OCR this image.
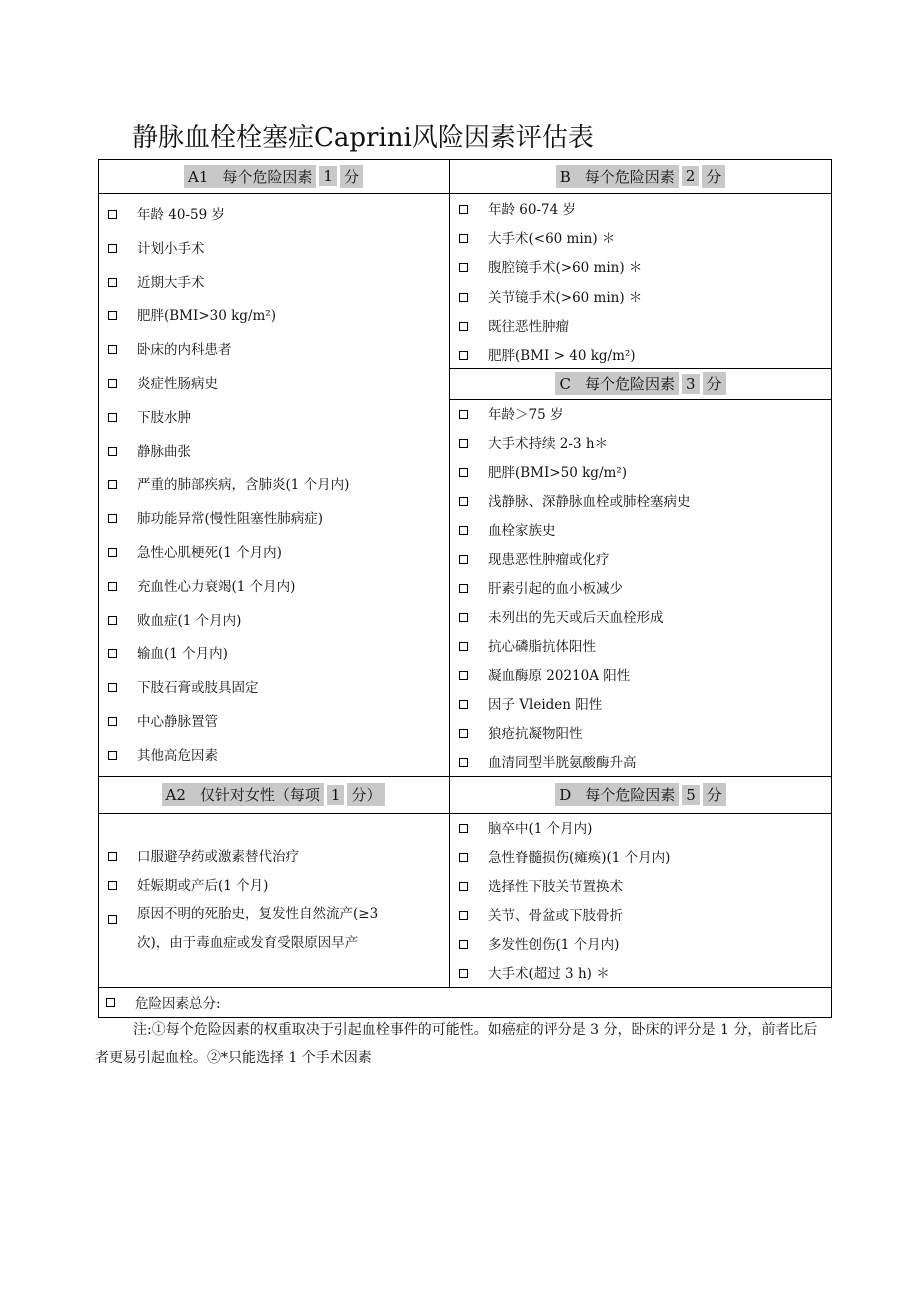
静脉血栓栓塞症Caprini风险因素评估表
A1 每个危险因素 1 分	B 每个危险因素 2 分
C 每个危险因素 3 分
A2 仅针对女性（每项 1 分）	D 每个危险因素 5 分
年龄 40-59 岁
计划小手术
近期大手术
肥胖(BMI>30 kg/m²)
卧床的内科患者
炎症性肠病史
下肢水肿
静脉曲张
严重的肺部疾病，含肺炎(1 个月内)
肺功能异常(慢性阻塞性肺病症)
急性心肌梗死(1 个月内)
充血性心力衰竭(1 个月内)
败血症(1 个月内)
输血(1 个月内)
下肢石膏或肢具固定
中心静脉置管
其他高危因素
年龄 60-74 岁
大手术(<60 min) ＊
腹腔镜手术(>60 min) ＊
关节镜手术(>60 min) ＊
既往恶性肿瘤
肥胖(BMI > 40 kg/m²)
年龄＞75 岁
大手术持续 2-3 h＊
肥胖(BMI>50 kg/m²)
浅静脉、深静脉血栓或肺栓塞病史
血栓家族史
现患恶性肿瘤或化疗
肝素引起的血小板减少
未列出的先天或后天血栓形成
抗心磷脂抗体阳性
凝血酶原 20210A 阳性
因子 Vleiden 阳性
狼疮抗凝物阳性
血清同型半胱氨酸酶升高
口服避孕药或激素替代治疗
妊娠期或产后(1 个月)
原因不明的死胎史，复发性自然流产(≥3 次)，由于毒血症或发育受限原因早产
脑卒中(1 个月内)
急性脊髓损伤(瘫痪)(1 个月内)
选择性下肢关节置换术
关节、骨盆或下肢骨折
多发性创伤(1 个月内)
大手术(超过 3 h) ＊
危险因素总分:

注:①每个危险因素的权重取决于引起血栓事件的可能性。如癌症的评分是 3 分，卧床的评分是 1 分，前者比后者更易引起血栓。②*只能选择 1 个手术因素
